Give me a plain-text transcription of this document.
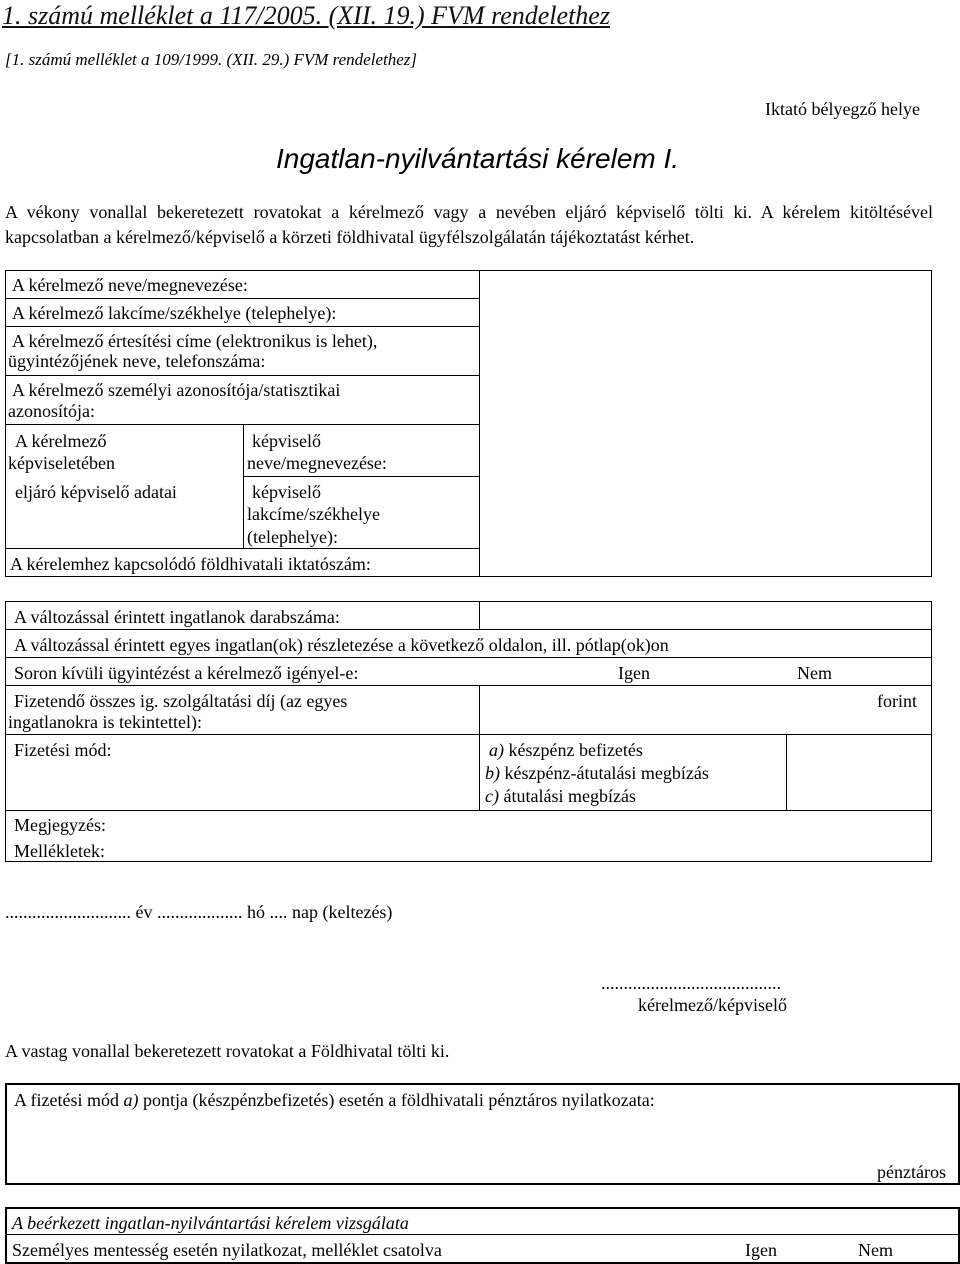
1. számú melléklet a 117/2005. (XII. 19.) FVM rendelethez
[1. számú melléklet a 109/1999. (XII. 29.) FVM rendelethez]
Iktató bélyegző helye
Ingatlan-nyilvántartási kérelem I.
A vékony vonallal bekeretezett rovatokat a kérelmező vagy a nevében eljáró képviselő tölti ki. A kérelem kitöltésével kapcsolatban a kérelmező/képviselő a körzeti földhivatal ügyfélszolgálatán tájékoztatást kérhet.
A kérelmező neve/megnevezése:
A kérelmező lakcíme/székhelye (telephelye):
A kérelmező értesítési címe (elektronikus is lehet),
ügyintézőjének neve, telefonszáma:
A kérelmező személyi azonosítója/statisztikai
azonosítója:
A kérelmező
képviseletében
eljáró képviselő adatai
képviselő
neve/megnevezése:
képviselő
lakcíme/székhelye
(telephelye):
A kérelemhez kapcsolódó földhivatali iktatószám:
A változással érintett ingatlanok darabszáma:
A változással érintett egyes ingatlan(ok) részletezése a következő oldalon, ill. pótlap(ok)on
Soron kívüli ügyintézést a kérelmező igényel-e:	Igen	Nem
Fizetendő összes ig. szolgáltatási díj (az egyes
ingatlanokra is tekintettel):
forint
Fizetési mód:	a) készpénz befizetés
b) készpénz-átutalási megbízás
c) átutalási megbízás
Megjegyzés:
Mellékletek:
............................ év ................... hó .... nap (keltezés)
........................................
kérelmező/képviselő
A vastag vonallal bekeretezett rovatokat a Földhivatal tölti ki.
A fizetési mód a) pontja (készpénzbefizetés) esetén a földhivatali pénztáros nyilatkozata:
pénztáros
A beérkezett ingatlan-nyilvántartási kérelem vizsgálata
Személyes mentesség esetén nyilatkozat, melléklet csatolva	Igen	Nem
